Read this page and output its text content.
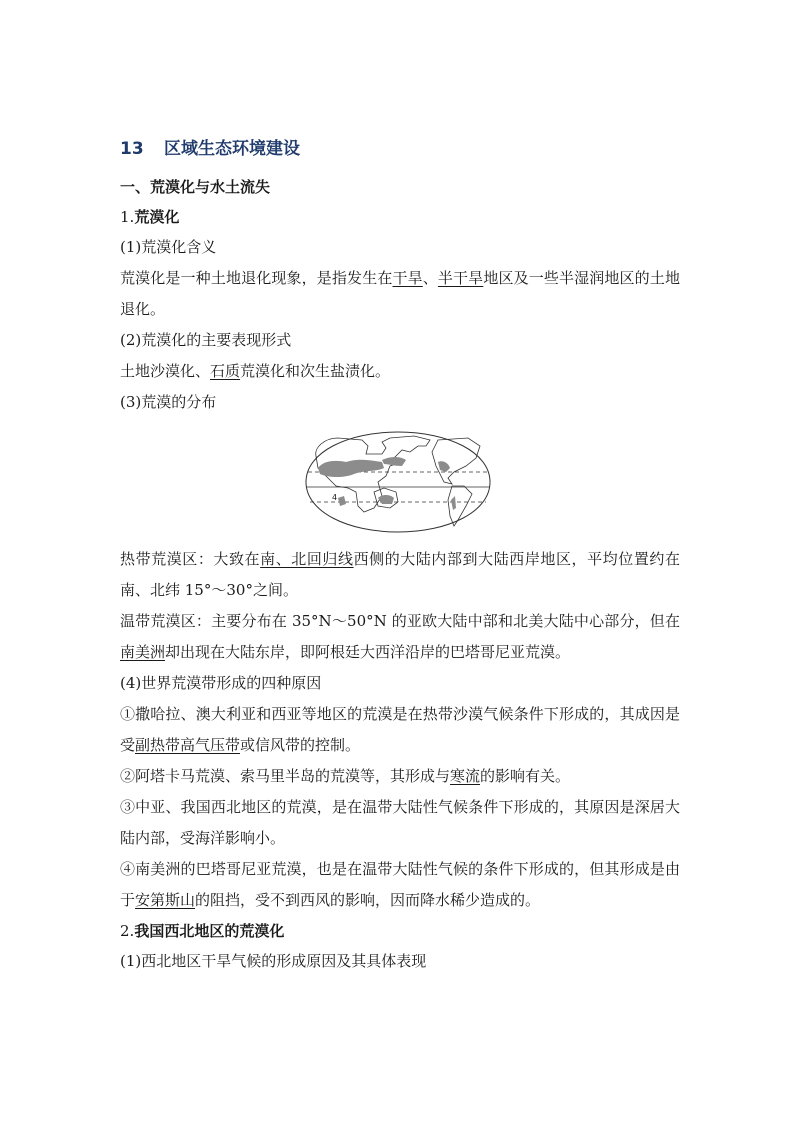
13 区域生态环境建设
一、荒漠化与水土流失
1.荒漠化
(1)荒漠化含义
荒漠化是一种土地退化现象，是指发生在干旱、半干旱地区及一些半湿润地区的土地退化。
(2)荒漠化的主要表现形式
土地沙漠化、石质荒漠化和次生盐渍化。
(3)荒漠的分布
4
热带荒漠区：大致在南、北回归线西侧的大陆内部到大陆西岸地区，平均位置约在南、北纬 15°～30°之间。
温带荒漠区：主要分布在 35°N～50°N 的亚欧大陆中部和北美大陆中心部分，但在南美洲却出现在大陆东岸，即阿根廷大西洋沿岸的巴塔哥尼亚荒漠。
(4)世界荒漠带形成的四种原因
①撒哈拉、澳大利亚和西亚等地区的荒漠是在热带沙漠气候条件下形成的，其成因是受副热带高气压带或信风带的控制。
②阿塔卡马荒漠、索马里半岛的荒漠等，其形成与寒流的影响有关。
③中亚、我国西北地区的荒漠，是在温带大陆性气候条件下形成的，其原因是深居大陆内部，受海洋影响小。
④南美洲的巴塔哥尼亚荒漠，也是在温带大陆性气候的条件下形成的，但其形成是由于安第斯山的阻挡，受不到西风的影响，因而降水稀少造成的。
2.我国西北地区的荒漠化
(1)西北地区干旱气候的形成原因及其具体表现
